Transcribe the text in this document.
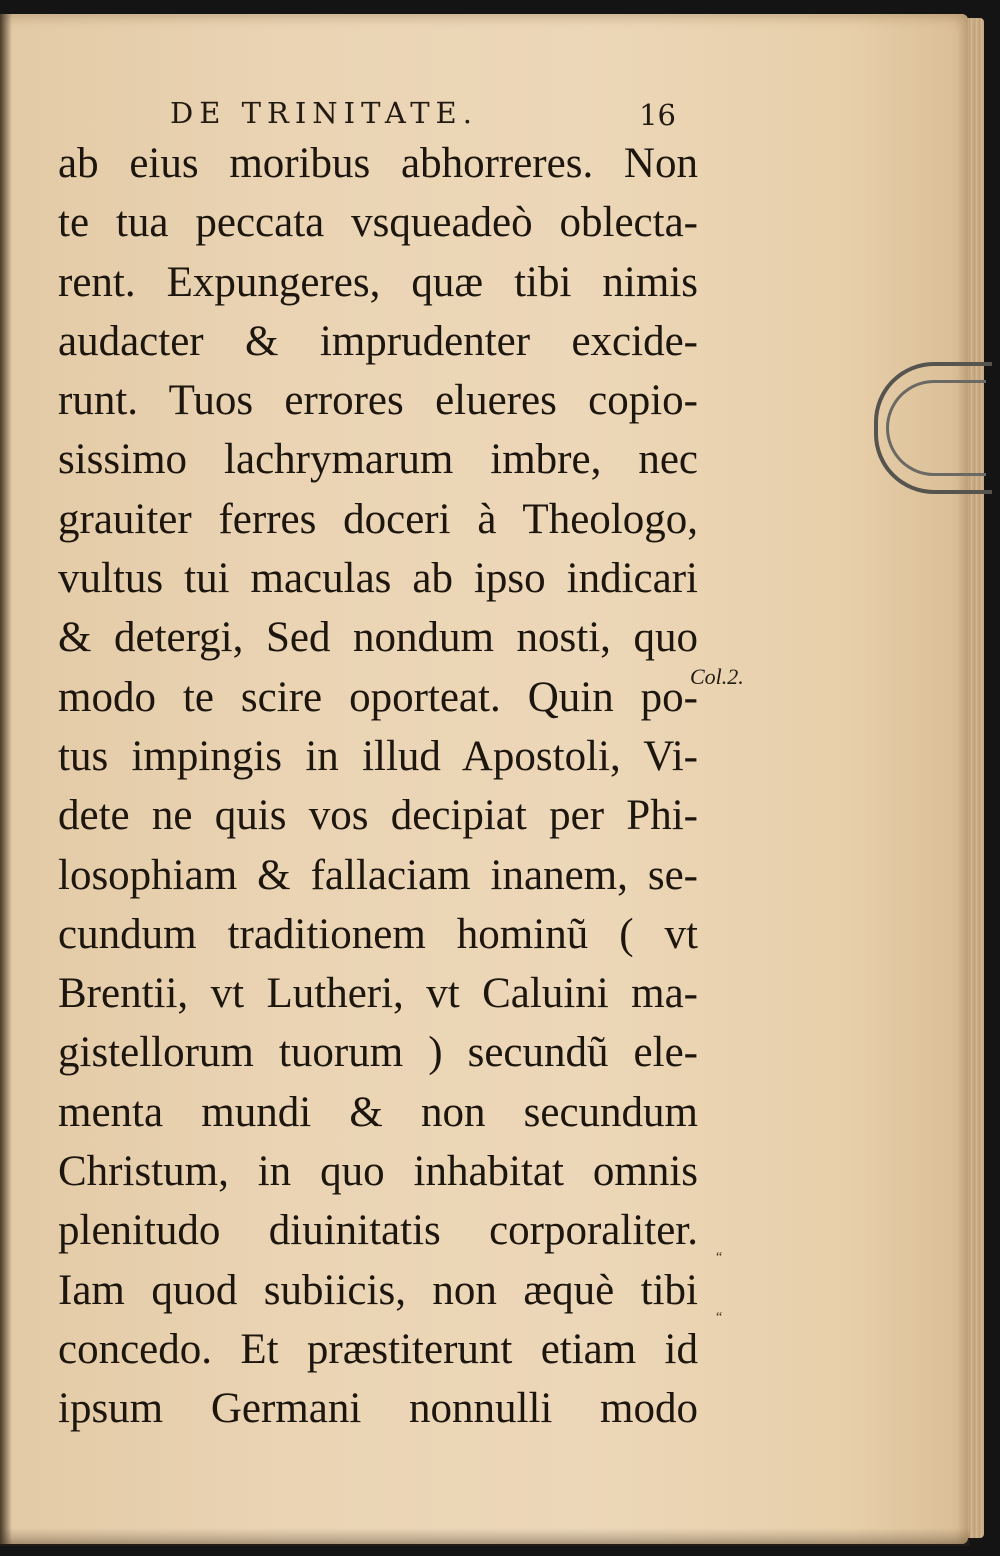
DE TRINITATE.	16
ab eius moribus abhorreres. Non
te tua peccata vsqueadeò oblecta-
rent. Expungeres, quæ tibi nimis
audacter & imprudenter excide-
runt. Tuos errores elueres copio-
sissimo lachrymarum imbre, nec
grauiter ferres doceri à Theologo,
vultus tui maculas ab ipso indicari
& detergi, Sed nondum nosti, quo
modo te scire oporteat. Quin po-
tus impingis in illud Apostoli, Vi-
dete ne quis vos decipiat per Phi-
losophiam & fallaciam inanem, se-
cundum traditionem hominũ ( vt
Brentii, vt Lutheri, vt Caluini ma-
gistellorum tuorum ) secundũ ele-
menta mundi & non secundum
Christum, in quo inhabitat omnis
plenitudo diuinitatis corporaliter.
Iam quod subiicis, non æquè tibi
concedo. Et præstiterunt etiam id
ipsum Germani nonnulli modo
Col.2.
“
“
